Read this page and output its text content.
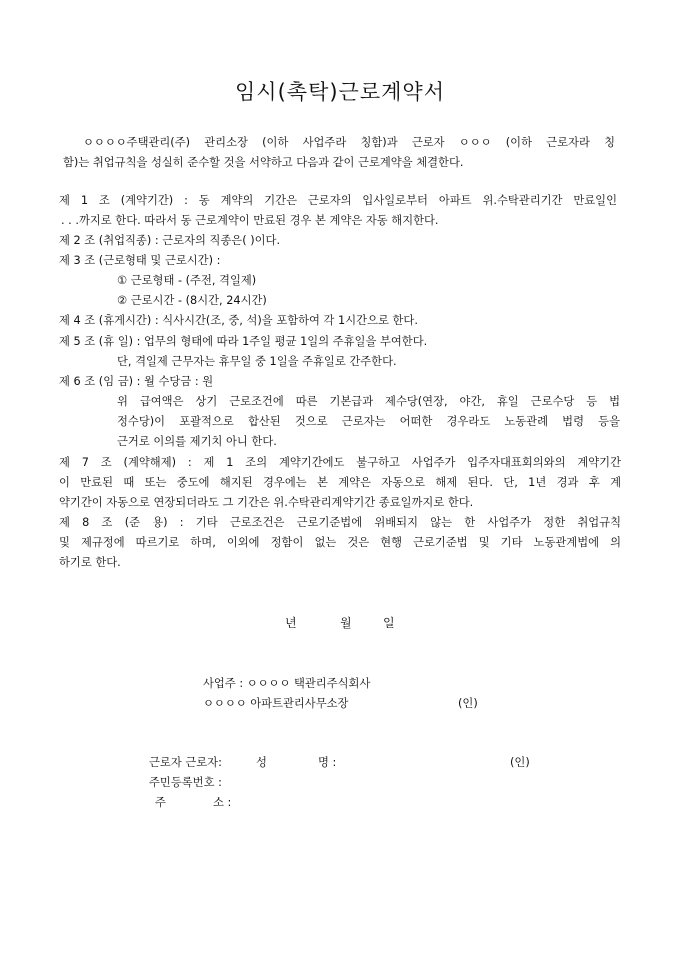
임시(촉탁)근로계약서
ㅇㅇㅇㅇ주택관리(주) 관리소장 (이하 사업주라 칭함)과 근로자 ㅇㅇㅇ (이하 근로자라 칭
함)는 취업규칙을 성실히 준수할 것을 서약하고 다음과 같이 근로계약을 체결한다.
제 1 조 (계약기간) : 동 계약의 기간은 근로자의 입사일로부터 아파트 위.수탁관리기간 만료일인
. . .까지로 한다. 따라서 동 근로계약이 만료된 경우 본 계약은 자동 해지한다.
제 2 조 (취업직종) : 근로자의 직종은( )이다.
제 3 조 (근로형태 및 근로시간) :
① 근로형태 - (주전, 격일제)
② 근로시간 - (8시간, 24시간)
제 4 조 (휴게시간) : 식사시간(조, 중, 석)을 포함하여 각 1시간으로 한다.
제 5 조 (휴 일) : 업무의 형태에 따라 1주일 평균 1일의 주휴일을 부여한다.
단, 격일제 근무자는 휴무일 중 1일을 주휴일로 간주한다.
제 6 조 (임 금) : 월 수당금 : 원
위 급여액은 상기 근로조건에 따른 기본급과 제수당(연장, 야간, 휴일 근로수당 등 법
정수당)이 포괄적으로 합산된 것으로 근로자는 어떠한 경우라도 노동관례 법령 등을
근거로 이의를 제기치 아니 한다.
제 7 조 (계약해제) : 제 1 조의 계약기간에도 불구하고 사업주가 입주자대표회의와의 계약기간
이 만료된 때 또는 중도에 해지된 경우에는 본 계약은 자동으로 해제 된다. 단, 1년 경과 후 계
약기간이 자동으로 연장되더라도 그 기간은 위.수탁관리계약기간 종료일까지로 한다.
제 8 조 (준 용) : 기타 근로조건은 근로기준법에 위배되지 않는 한 사업주가 정한 취업규칙
및 제규정에 따르기로 하며, 이외에 정함이 없는 것은 현행 근로기준법 및 기타 노동관계법에 의
하기로 한다.
년	월	일
사업주 : ㅇㅇㅇㅇ 택관리주식회사
ㅇㅇㅇㅇ 아파트관리사무소장	(인)
근로자 근로자:	성	명 :	(인)
주민등록번호 :
주	소 :
